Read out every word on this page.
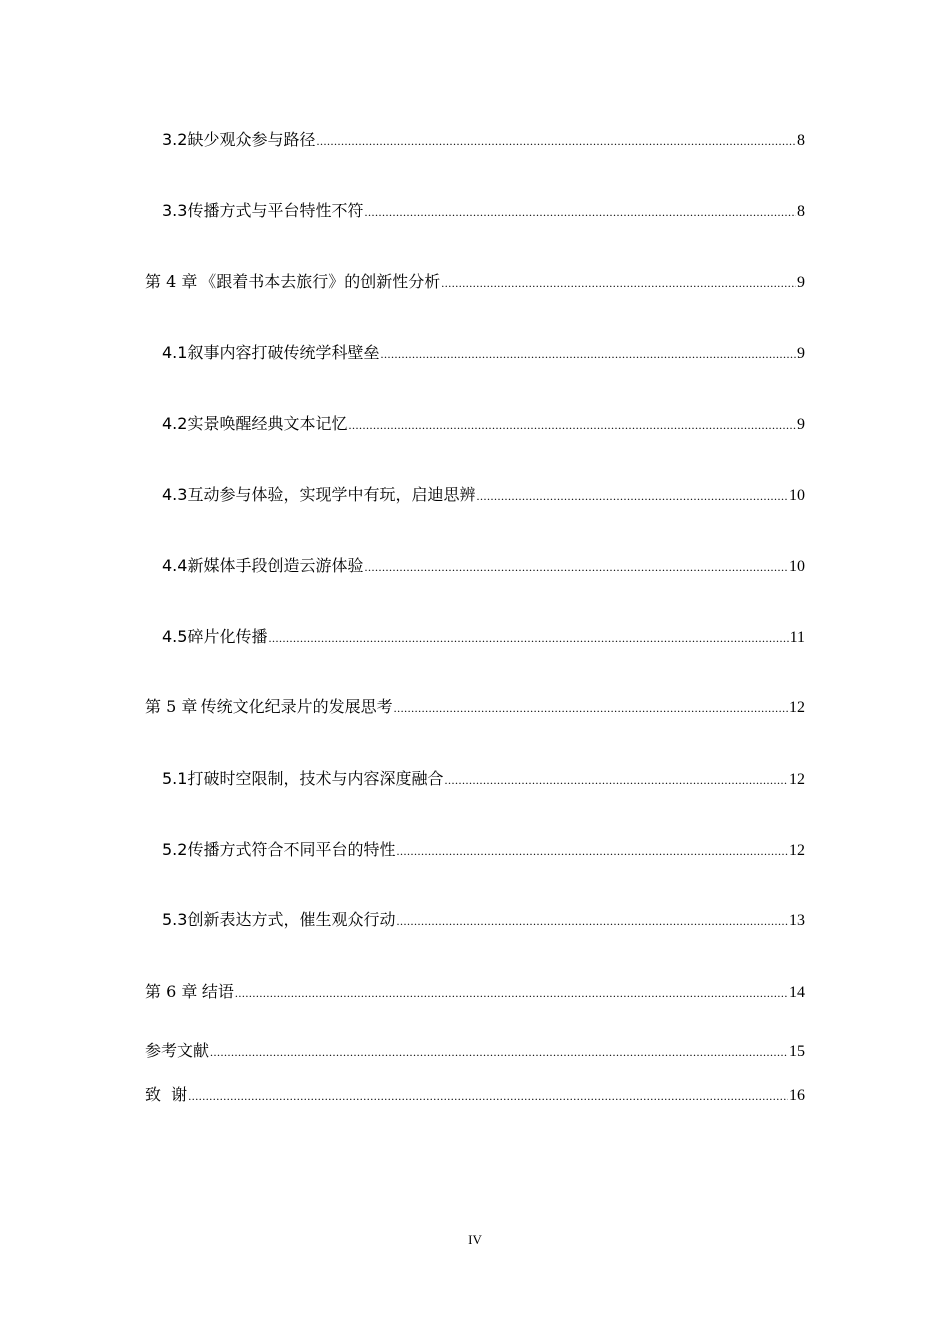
3.2 缺少观众参与路径 .....	8
3.3 传播方式与平台特性不符 .....	8
第 4 章 《跟着书本去旅行》的创新性分析 .....	9
4.1 叙事内容打破传统学科壁垒 .....	9
4.2 实景唤醒经典文本记忆 .....	9
4.3 互动参与体验，实现学中有玩，启迪思辨 .....	10
4.4 新媒体手段创造云游体验 .....	10
4.5 碎片化传播 .....	11
第 5 章 传统文化纪录片的发展思考 .....	12
5.1 打破时空限制，技术与内容深度融合 .....	12
5.2 传播方式符合不同平台的特性 .....	12
5.3 创新表达方式，催生观众行动 .....	13
第 6 章 结语 .....	14
参考文献 .....	15
致  谢 .....	16
IV
